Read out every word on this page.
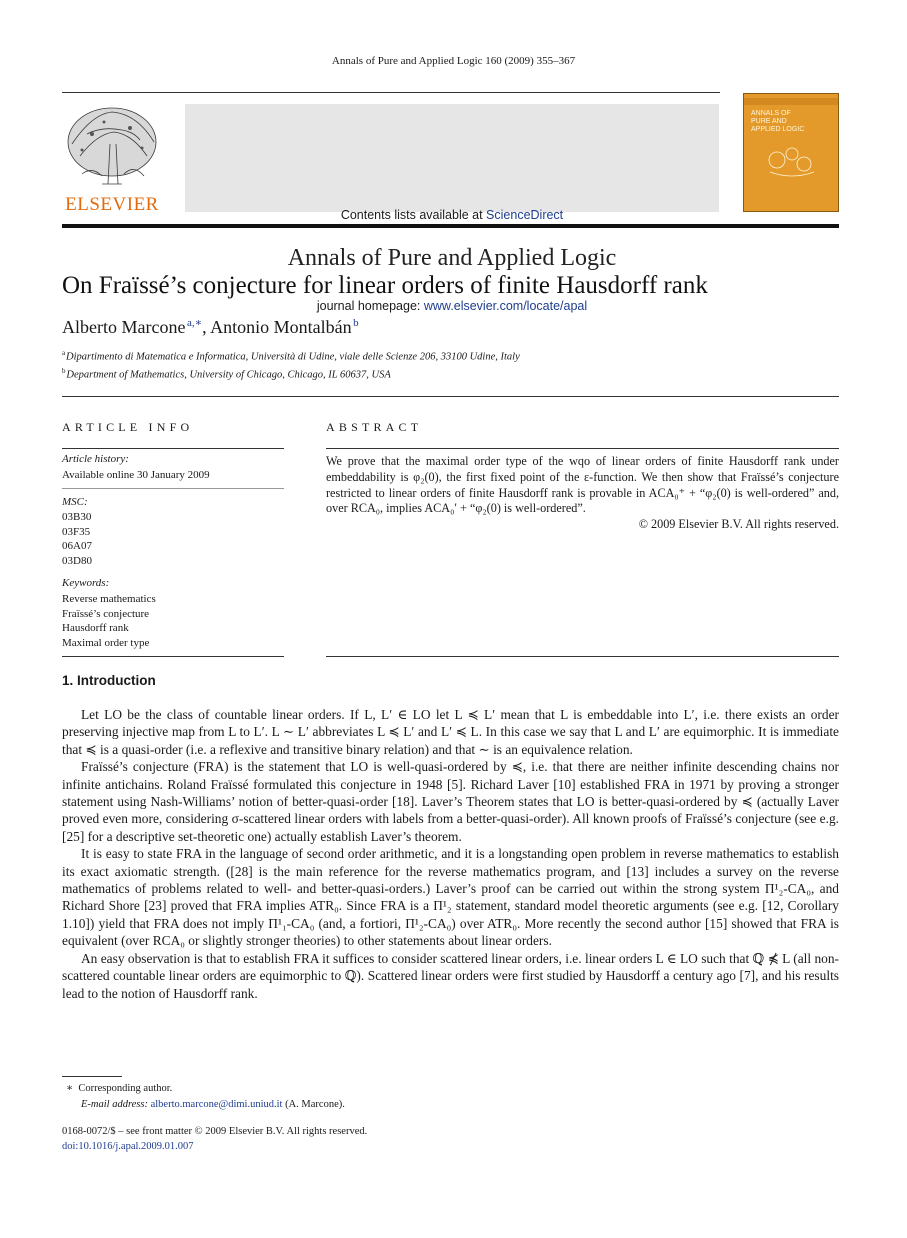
Annals of Pure and Applied Logic 160 (2009) 355–367
ELSEVIER	Contents lists available at ScienceDirect
Annals of Pure and Applied Logic
journal homepage: www.elsevier.com/locate/apal
ANNALS OF
PURE AND
APPLIED LOGIC
On Fraïssé’s conjecture for linear orders of finite Hausdorff rank
Alberto Marcone  $^{a,∗}$, Antonio Montalbán  $^b$
$^a$ Dipartimento di Matematica e Informatica, Università di Udine, viale delle Scienze 206, 33100 Udine, Italy
$^b$ Department of Mathematics, University of Chicago, Chicago, IL 60637, USA
ARTICLE INFO
Article history:
Available online 30 January 2009
MSC:
03B30
03F35
06A07
03D80
Keywords:
Reverse mathematics
Fraïssé’s conjecture
Hausdorff rank
Maximal order type
ABSTRACT
We prove that the maximal order type of the wqo of linear orders of finite Hausdorff rank under embeddability is φ₂(0), the first fixed point of the ε-function. We then show that Fraïssé’s conjecture restricted to linear orders of finite Hausdorff rank is provable in ACA₀⁺ + “φ₂(0) is well-ordered” and, over RCA₀, implies ACA₀′ + “φ₂(0) is well-ordered”.
© 2009 Elsevier B.V. All rights reserved.
1. Introduction

Let LO be the class of countable linear orders. If L, L′ ∈ LO let L ≼ L′ mean that L is embeddable into L′, i.e. there exists an order preserving injective map from L to L′. L ∼ L′ abbreviates L ≼ L′ and L′ ≼ L. In this case we say that L and L′ are equimorphic. It is immediate that ≼ is a quasi-order (i.e. a reflexive and transitive binary relation) and that ∼ is an equivalence relation.

Fraïssé’s conjecture (FRA) is the statement that LO is well-quasi-ordered by ≼, i.e. that there are neither infinite descending chains nor infinite antichains. Roland Fraïssé formulated this conjecture in 1948 [5]. Richard Laver [10] established FRA in 1971 by proving a stronger statement using Nash-Williams’ notion of better-quasi-order [18]. Laver’s Theorem states that LO is better-quasi-ordered by ≼ (actually Laver proved even more, considering σ-scattered linear orders with labels from a better-quasi-order). All known proofs of Fraïssé’s conjecture (see e.g. [25] for a descriptive set-theoretic one) actually establish Laver’s theorem.

It is easy to state FRA in the language of second order arithmetic, and it is a longstanding open problem in reverse mathematics to establish its exact axiomatic strength. ([28] is the main reference for the reverse mathematics program, and [13] includes a survey on the reverse mathematics of problems related to well- and better-quasi-orders.) Laver’s proof can be carried out within the strong system Π¹₂-CA₀, and Richard Shore [23] proved that FRA implies ATR₀. Since FRA is a Π¹₂ statement, standard model theoretic arguments (see e.g. [12, Corollary 1.10]) yield that FRA does not imply Π¹₁-CA₀ (and, a fortiori, Π¹₂-CA₀) over ATR₀. More recently the second author [15] showed that FRA is equivalent (over RCA₀ or slightly stronger theories) to other statements about linear orders.

An easy observation is that to establish FRA it suffices to consider scattered linear orders, i.e. linear orders L ∈ LO such that ℚ ⋠ L (all non-scattered countable linear orders are equimorphic to ℚ). Scattered linear orders were first studied by Hausdorff a century ago [7], and his results lead to the notion of Hausdorff rank.

∗ Corresponding author.
E-mail address: alberto.marcone@dimi.uniud.it (A. Marcone).
0168-0072/$ – see front matter © 2009 Elsevier B.V. All rights reserved.
doi:10.1016/j.apal.2009.01.007
